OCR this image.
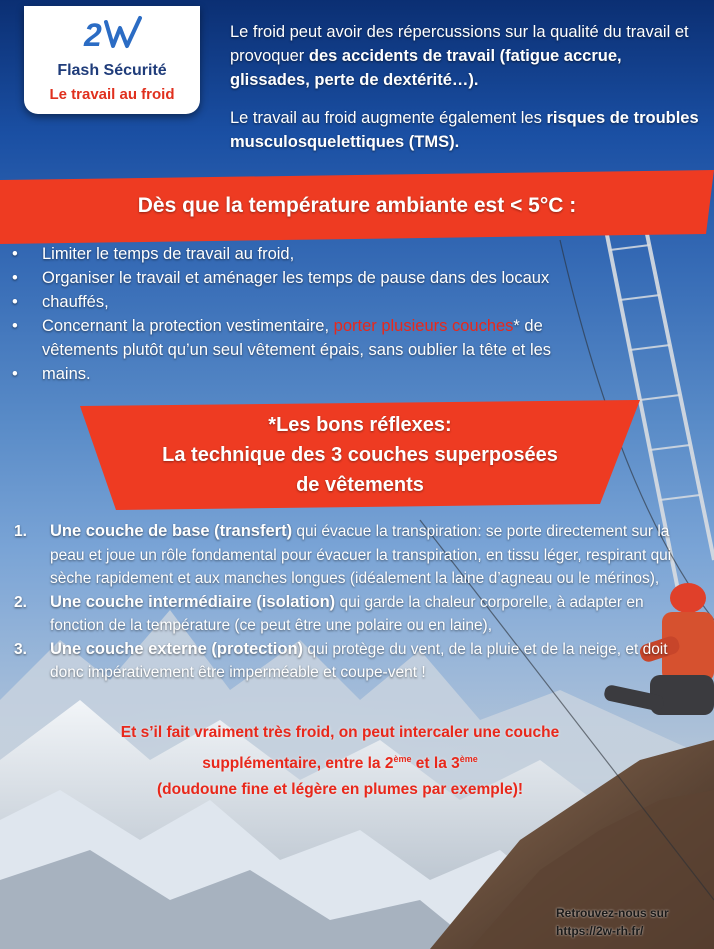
2
Flash Sécurité
Le travail au froid

Le froid peut avoir des répercussions sur la qualité du travail et provoquer des accidents de travail (fatigue accrue, glissades, perte de dextérité…).

Le travail au froid augmente également les risques de troubles musculosquelettiques (TMS).

Dès que la température ambiante est < 5°C :
• Limiter le temps de travail au froid,
• Organiser le travail et aménager les temps de pause dans des locaux
• chauffés,
• Concernant la protection vestimentaire, porter plusieurs couches* de
vêtements plutôt qu’un seul vêtement épais, sans oublier la tête et les
• mains.
*Les bons réflexes:
La technique des 3 couches superposées
de vêtements
1. Une couche de base (transfert) qui évacue la transpiration: se porte directement sur la peau et joue un rôle fondamental pour évacuer la transpiration, en tissu léger, respirant qui sèche rapidement et aux manches longues (idéalement la laine d’agneau ou le mérinos),
2. Une couche intermédiaire (isolation) qui garde la chaleur corporelle, à adapter en fonction de la température (ce peut être une polaire ou en laine),
3. Une couche externe (protection) qui protège du vent, de la pluie et de la neige, et doit donc impérativement être imperméable et coupe-vent !
Et s’il fait vraiment très froid, on peut intercaler une couche
supplémentaire, entre la 2ème et la 3ème
(doudoune fine et légère en plumes par exemple)!
Retrouvez-nous sur
https://2w-rh.fr/
